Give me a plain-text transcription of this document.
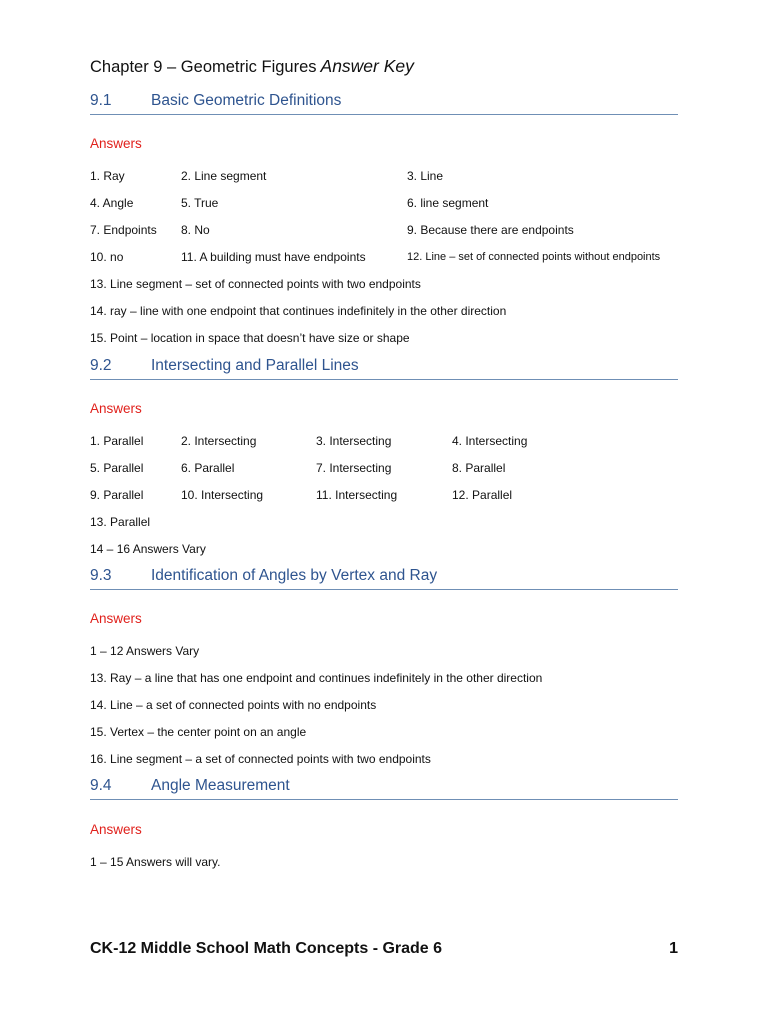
Chapter 9 – Geometric Figures Answer Key
9.1	Basic Geometric Definitions
Answers
1. Ray	2. Line segment	3. Line
4. Angle	5. True	6. line segment
7. Endpoints 8. No	9. Because there are endpoints
10. no	11. A building must have endpoints	12. Line – set of connected points without endpoints
13. Line segment – set of connected points with two endpoints
14. ray – line with one endpoint that continues indefinitely in the other direction
15. Point – location in space that doesn’t have size or shape
9.2	Intersecting and Parallel Lines
Answers
1. Parallel	2. Intersecting	3. Intersecting	4. Intersecting
5. Parallel	6. Parallel	7. Intersecting	8. Parallel
9. Parallel	10. Intersecting	11. Intersecting	12. Parallel
13. Parallel
14 – 16 Answers Vary
9.3	Identification of Angles by Vertex and Ray
Answers
1 – 12 Answers Vary
13. Ray – a line that has one endpoint and continues indefinitely in the other direction
14. Line – a set of connected points with no endpoints
15. Vertex – the center point on an angle
16. Line segment – a set of connected points with two endpoints
9.4	Angle Measurement
Answers
1 – 15 Answers will vary.
CK-12 Middle School Math Concepts - Grade 6	1
